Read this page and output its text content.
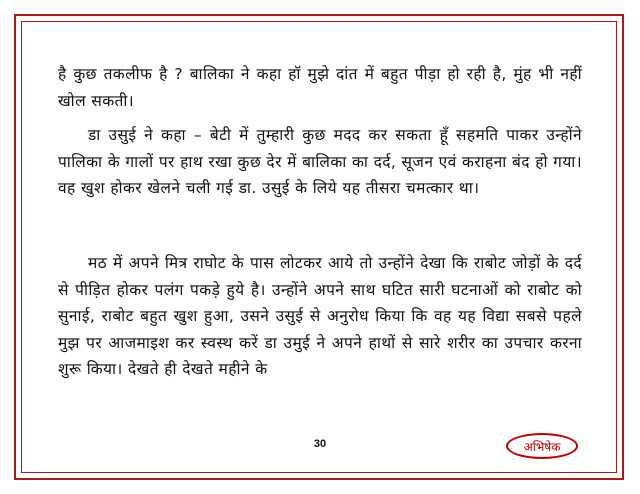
है कुछ तकलीफ है ? बालिका ने कहा हॉ मुझे दांत में बहुत पीड़ा हो रही है, मुंह भी नहीं खोल सकती।
डा उसुई ने कहा – बेटी में तुम्हारी कुछ मदद कर सकता हूँ सहमति पाकर उन्होंने पालिका के गालों पर हाथ रखा कुछ देर में बालिका का दर्द, सूजन एवं कराहना बंद हो गया। वह खुश होकर खेलने चली गई डा. उसुई के लिये यह तीसरा चमत्कार था।
मठ में अपने मित्र राघोट के पास लोटकर आये तो उन्होंने देखा कि राबोट जोड़ों के दर्द से पीड़ित होकर पलंग पकड़े हुये है। उन्होंने अपने साथ घटित सारी घटनाओं को राबोट को सुनाई, राबोट बहुत खुश हुआ, उसने उसुई से अनुरोध किया कि वह यह विद्या सबसे पहले मुझ पर आजमाइश कर स्वस्थ करें डा उमुई ने अपने हाथों से सारे शरीर का उपचार करना शुरू किया। देखते ही देखते महीने के
30	अभिषेक
